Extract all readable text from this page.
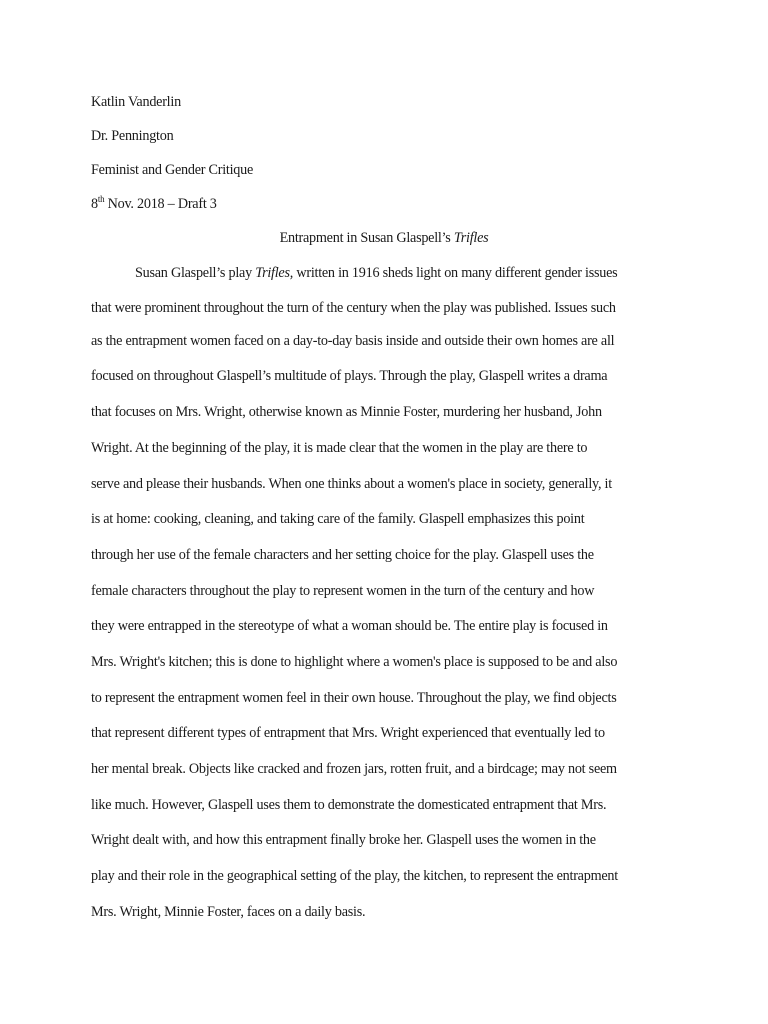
Katlin Vanderlin
Dr. Pennington
Feminist and Gender Critique
8th Nov. 2018 – Draft 3
Entrapment in Susan Glaspell’s Trifles
Susan Glaspell’s play Trifles, written in 1916 sheds light on many different gender issues
that were prominent throughout the turn of the century when the play was published. Issues such
as the entrapment women faced on a day-to-day basis inside and outside their own homes are all
focused on throughout Glaspell’s multitude of plays. Through the play, Glaspell writes a drama
that focuses on Mrs. Wright, otherwise known as Minnie Foster, murdering her husband, John
Wright. At the beginning of the play, it is made clear that the women in the play are there to
serve and please their husbands. When one thinks about a women's place in society, generally, it
is at home: cooking, cleaning, and taking care of the family. Glaspell emphasizes this point
through her use of the female characters and her setting choice for the play. Glaspell uses the
female characters throughout the play to represent women in the turn of the century and how
they were entrapped in the stereotype of what a woman should be. The entire play is focused in
Mrs. Wright's kitchen; this is done to highlight where a women's place is supposed to be and also
to represent the entrapment women feel in their own house. Throughout the play, we find objects
that represent different types of entrapment that Mrs. Wright experienced that eventually led to
her mental break. Objects like cracked and frozen jars, rotten fruit, and a birdcage; may not seem
like much. However, Glaspell uses them to demonstrate the domesticated entrapment that Mrs.
Wright dealt with, and how this entrapment finally broke her. Glaspell uses the women in the
play and their role in the geographical setting of the play, the kitchen, to represent the entrapment
Mrs. Wright, Minnie Foster, faces on a daily basis.
